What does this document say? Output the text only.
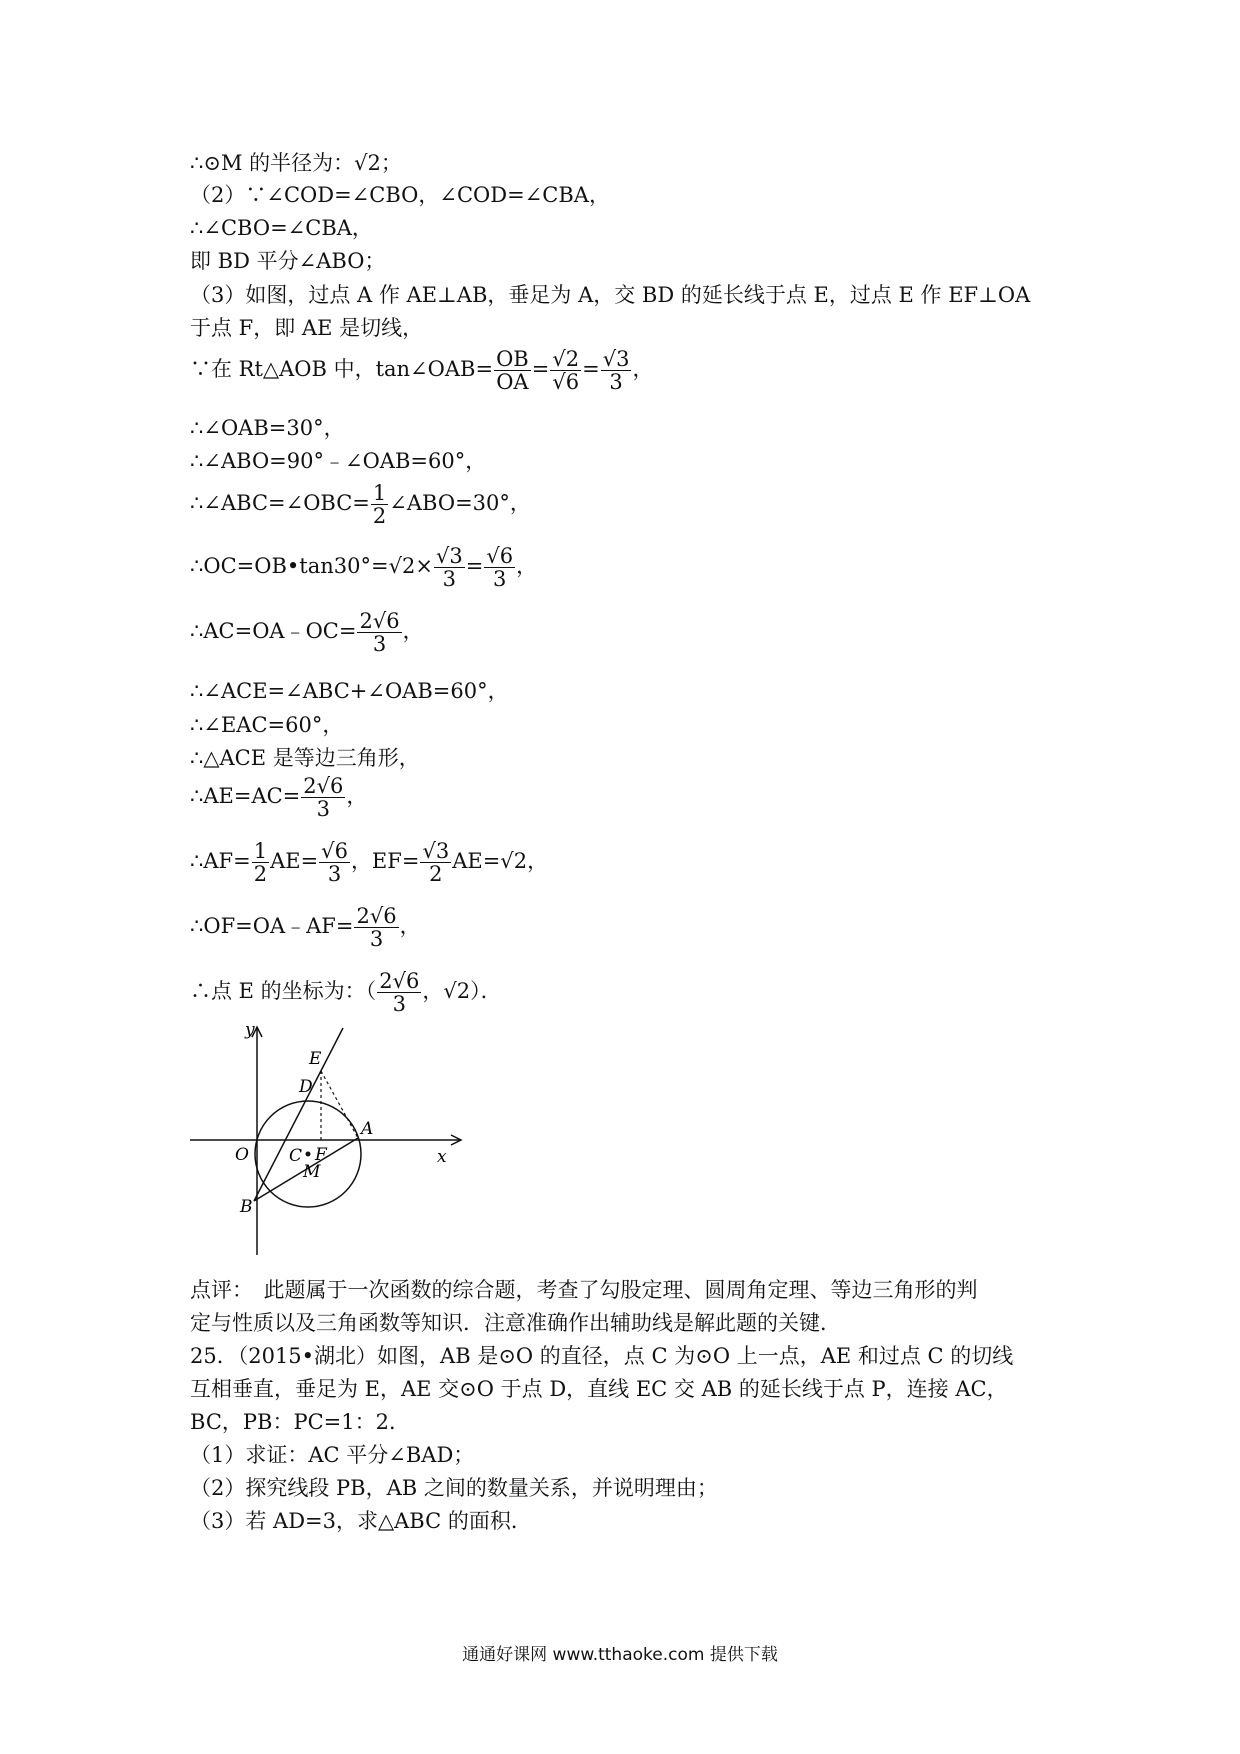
∴⊙M 的半径为：√2；
（2）∵∠COD=∠CBO，∠COD=∠CBA，
∴∠CBO=∠CBA，
即 BD 平分∠ABO；
（3）如图，过点 A 作 AE⊥AB，垂足为 A，交 BD 的延长线于点 E，过点 E 作 EF⊥OA
于点 F，即 AE 是切线，
∵在 Rt△AOB 中，tan∠OAB= $\frac{OB}{OA} = \frac{√2}{√6} = \frac{√3}{3}$ ，
∴∠OAB=30°，
∴∠ABO=90°﹣∠OAB=60°，
∴∠ABC=∠OBC= $\frac{1}{2}$ ∠ABO=30°，
∴OC=OB•tan30°=√2× $\frac{√3}{3} = \frac{√6}{3}$ ，
∴AC=OA﹣OC= $\frac{2√6}{3}$ ，
∴∠ACE=∠ABC+∠OAB=60°，
∴∠EAC=60°，
∴△ACE 是等边三角形，
∴AE=AC= $\frac{2√6}{3}$ ，
∴AF= $\frac{1}{2} AE= \frac{√6}{3}$ ，$EF= \frac{√3}{2} AE=√2$，
∴OF=OA﹣AF= $\frac{2√6}{3}$ ，
∴点 E 的坐标为：（ $\frac{2√6}{3}$ ，√2）．
y
x
O
B
A
E
D
C F
M
点评：　此题属于一次函数的综合题，考查了勾股定理、圆周角定理、等边三角形的判
定与性质以及三角函数等知识．注意准确作出辅助线是解此题的关键．
25．（2015•湖北）如图，AB 是⊙O 的直径，点 C 为⊙O 上一点，AE 和过点 C 的切线
互相垂直，垂足为 E，AE 交⊙O 于点 D，直线 EC 交 AB 的延长线于点 P，连接 AC，
BC，PB：PC=1：2．
（1）求证：AC 平分∠BAD；
（2）探究线段 PB，AB 之间的数量关系，并说明理由；
（3）若 AD=3，求△ABC 的面积．
通通好课网 www.tthaoke.com 提供下载
